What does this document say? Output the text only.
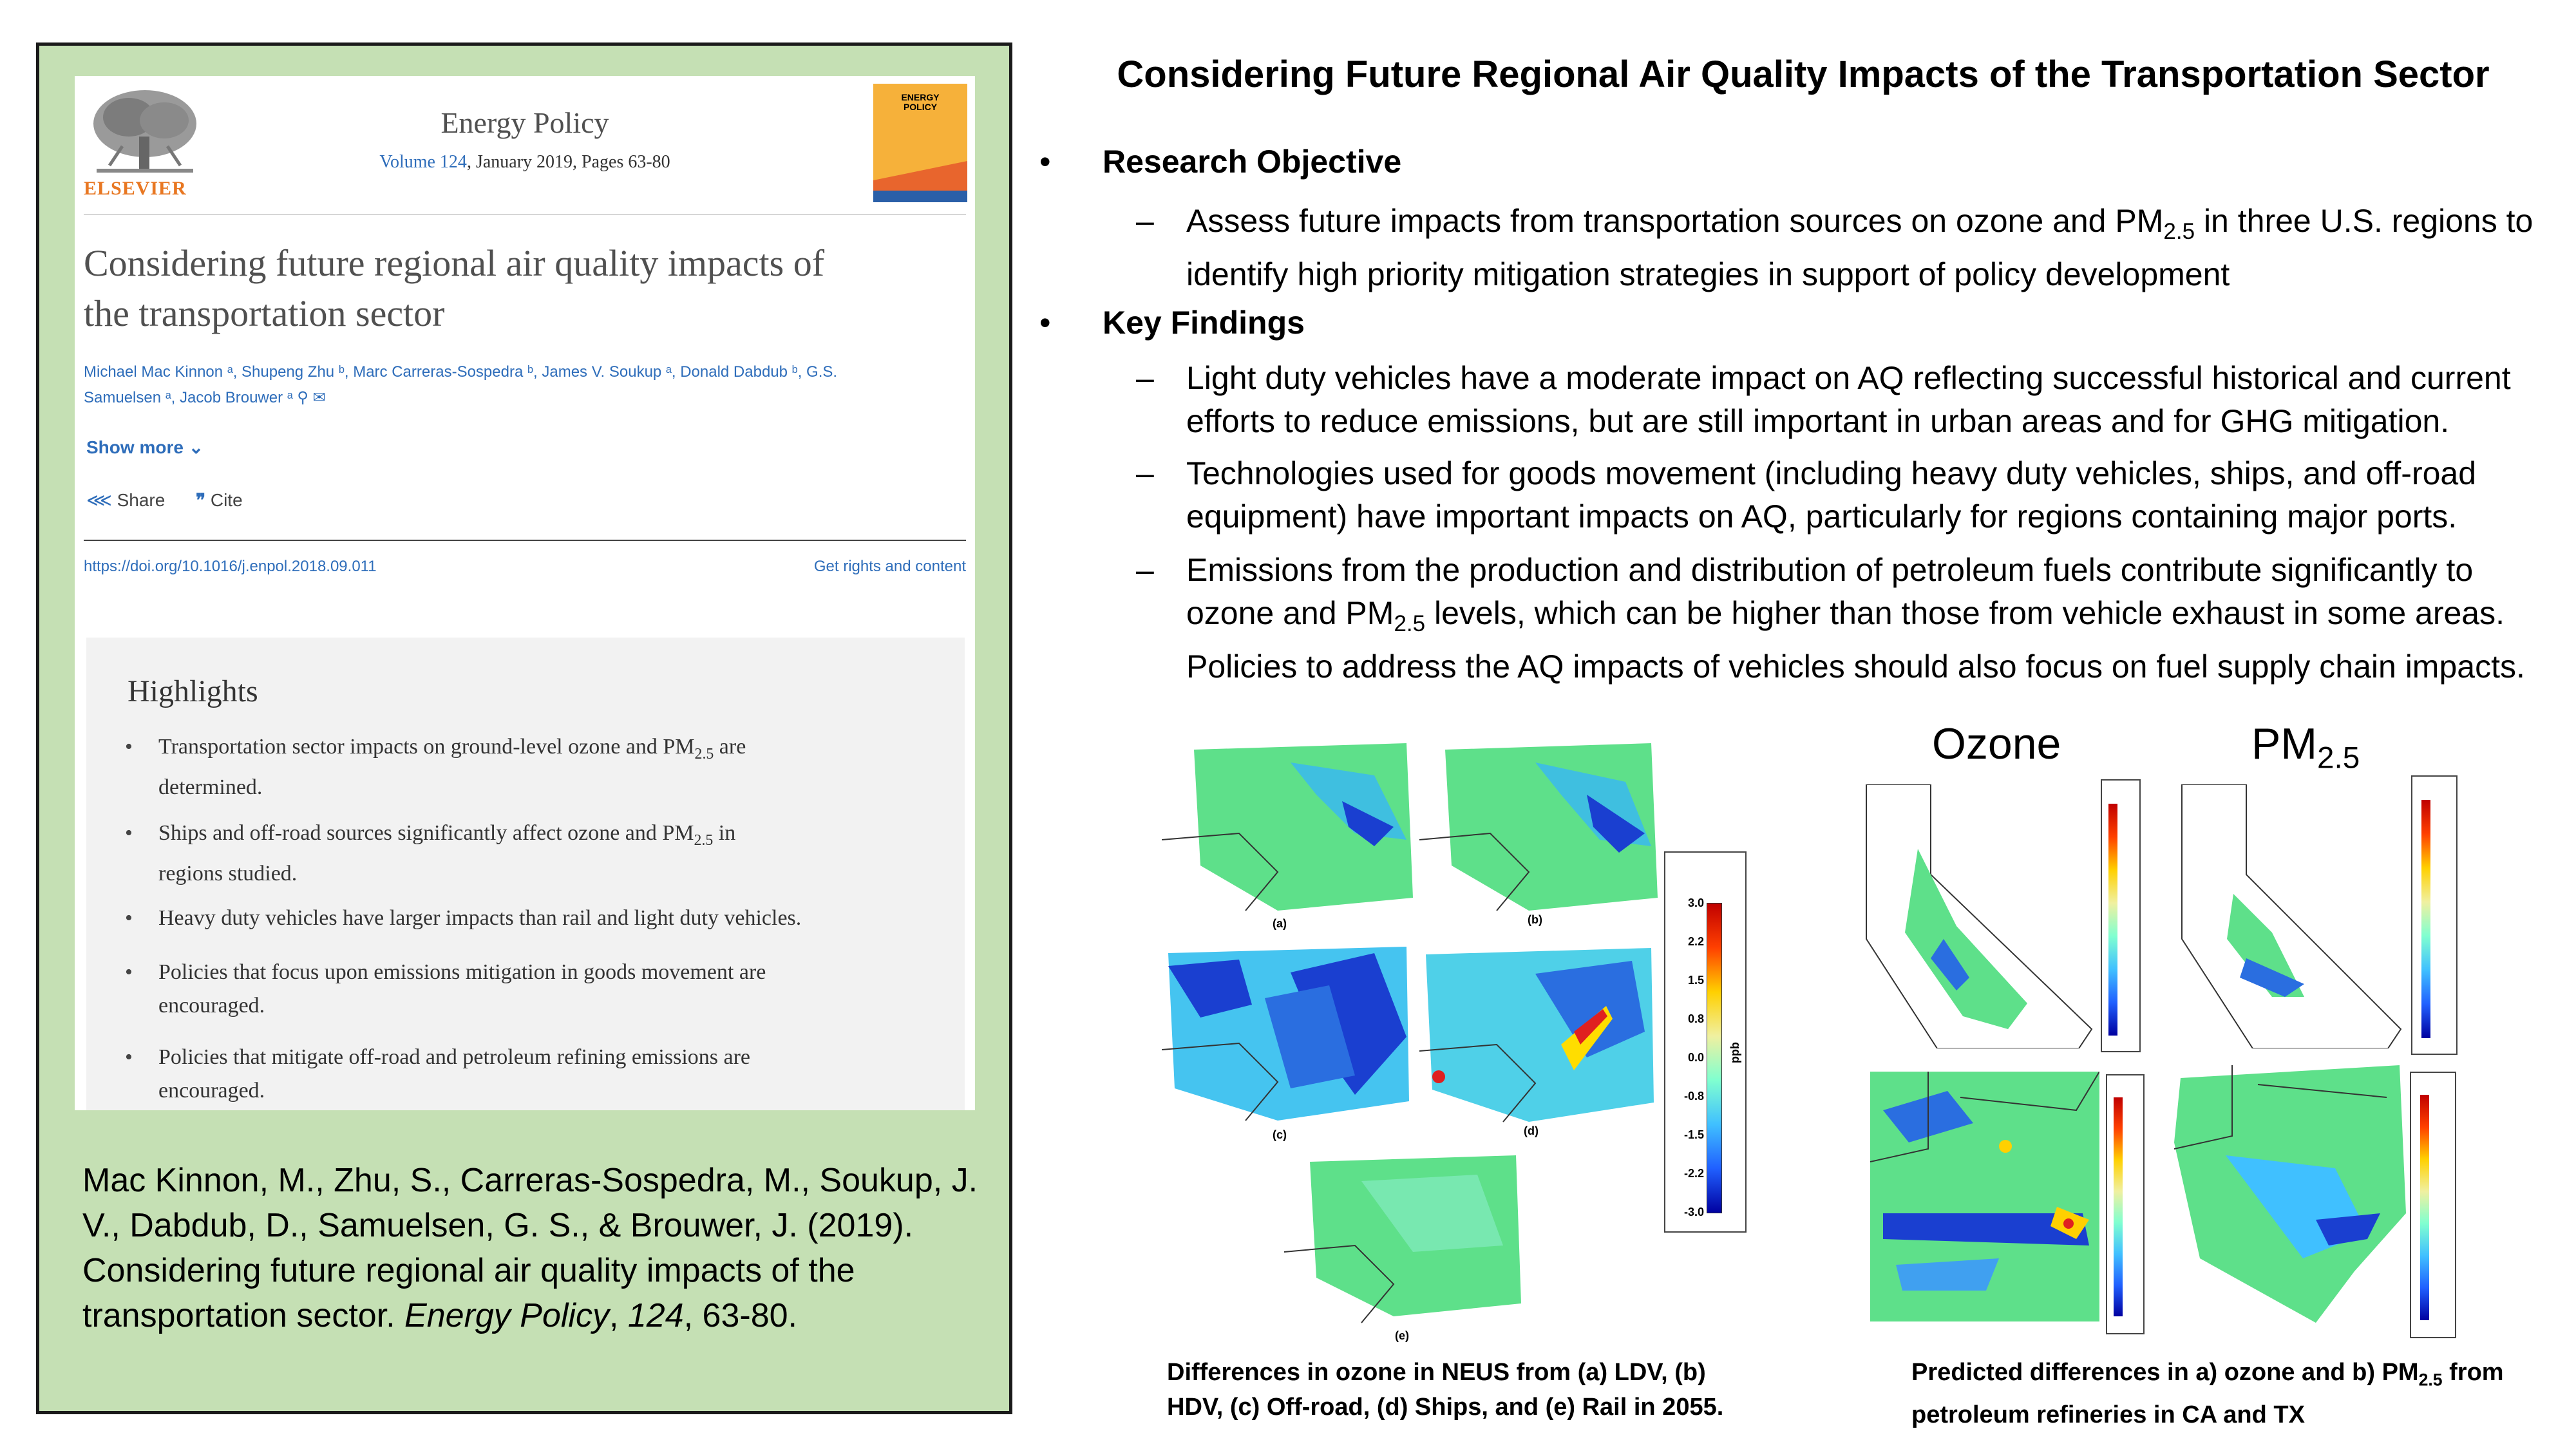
ELSEVIER
Energy Policy
Volume 124, January 2019, Pages 63-80
ENERGY POLICY
Considering future regional air quality impacts of
the transportation sector
Michael Mac Kinnon ᵃ, Shupeng Zhu ᵇ, Marc Carreras-Sospedra ᵇ, James V. Soukup ᵃ, Donald Dabdub ᵇ, G.S.
Samuelsen ᵃ, Jacob Brouwer ᵃ ⚲ ✉
Show more ⌄
⋘ Share ❞ Cite
https://doi.org/10.1016/j.enpol.2018.09.011	Get rights and content
Highlights
• Transportation sector impacts on ground-level ozone and $PM_{2.5}$ are
determined.
• Ships and off-road sources significantly affect ozone and $PM_{2.5}$ in
regions studied.
• Heavy duty vehicles have larger impacts than rail and light duty vehicles.
• Policies that focus upon emissions mitigation in goods movement are
encouraged.
• Policies that mitigate off-road and petroleum refining emissions are
encouraged.
Mac Kinnon, M., Zhu, S., Carreras-Sospedra, M., Soukup, J.
V., Dabdub, D., Samuelsen, G. S., & Brouwer, J. (2019).
Considering future regional air quality impacts of the
transportation sector. Energy Policy, 124, 63-80.
Considering Future Regional Air Quality Impacts of the Transportation Sector
• Research Objective
– Assess future impacts from transportation sources on ozone and $PM_{2.5}$ in three U.S. regions to
identify high priority mitigation strategies in support of policy development
• Key Findings
– Light duty vehicles have a moderate impact on AQ reflecting successful historical and current
efforts to reduce emissions, but are still important in urban areas and for GHG mitigation.
– Technologies used for goods movement (including heavy duty vehicles, ships, and off-road
equipment) have important impacts on AQ, particularly for regions containing major ports.
– Emissions from the production and distribution of petroleum fuels contribute significantly to
ozone and $PM_{2.5}$ levels, which can be higher than those from vehicle exhaust in some areas.
Policies to address the AQ impacts of vehicles should also focus on fuel supply chain impacts.
(a)	(b)
(c)	(d)
(e)
3.0
2.2
1.5
0.8
0.0
-0.8
-1.5
-2.2
-3.0
ppb
Differences in ozone in NEUS from (a) LDV, (b)
HDV, (c) Off-road, (d) Ships, and (e) Rail in 2055.
Ozone	$PM_{2.5}$
Predicted differences in a) ozone and b) $PM_{2.5}$ from
petroleum refineries in CA and TX
